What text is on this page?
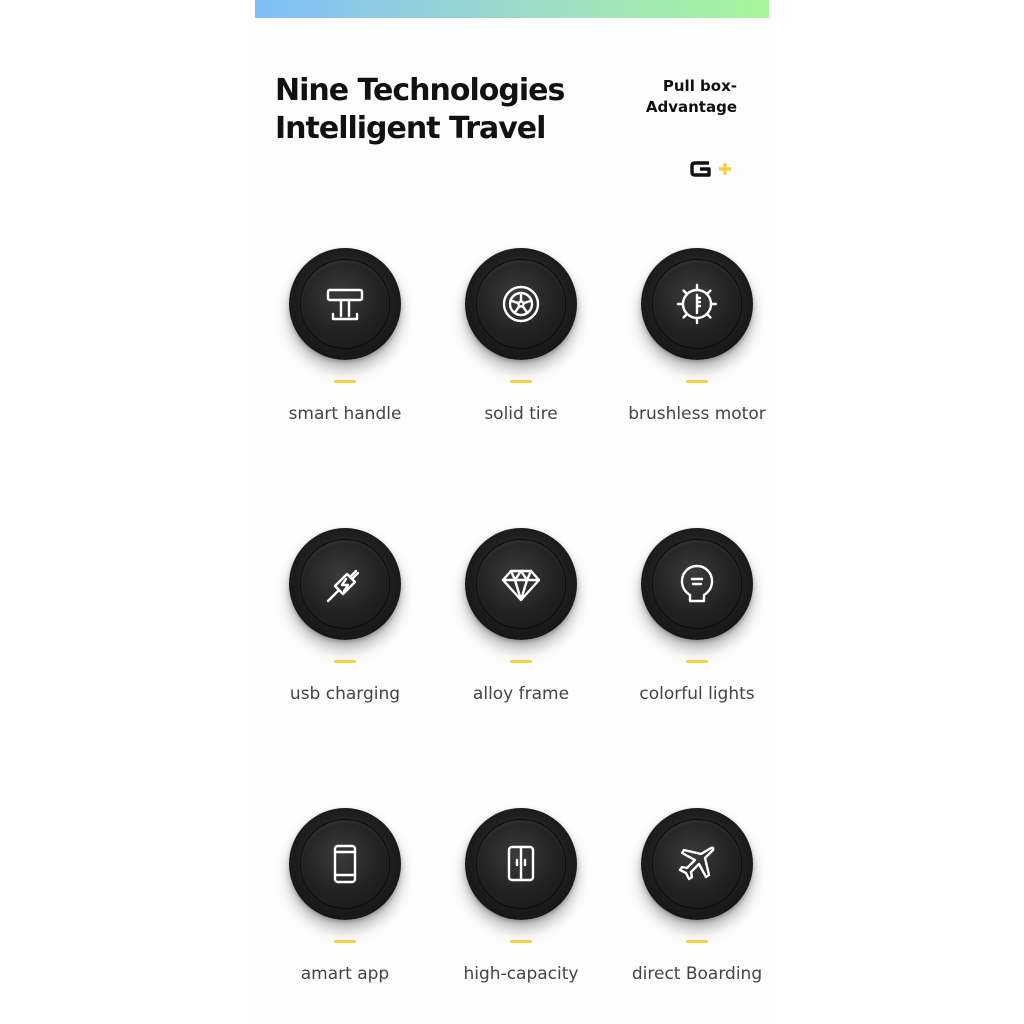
Nine Technologies
Intelligent Travel
Pull box-
Advantage
smart handle	solid tire	brushless motor
usb charging	alloy frame	colorful lights
amart app	high-capacity	direct Boarding
